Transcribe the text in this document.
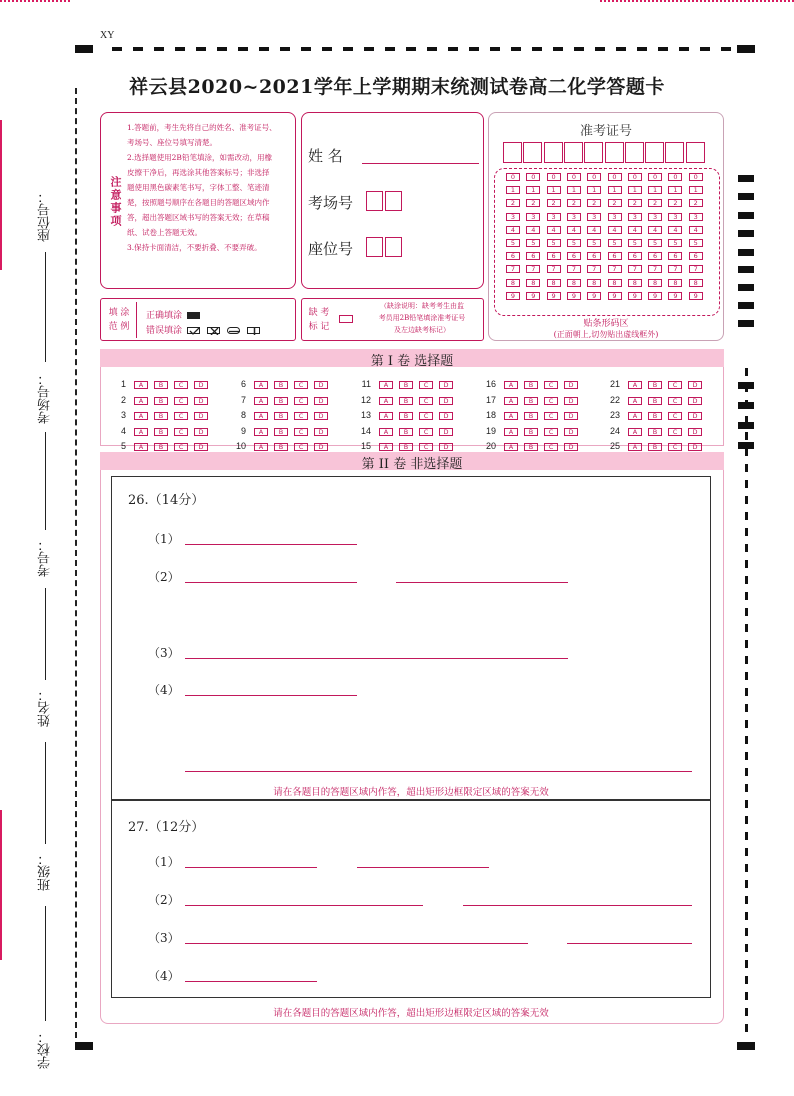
XY
祥云县2020~2021学年上学期期末统测试卷高二化学答题卡
座位号：
考场号：
考号：
姓名：
班级：
学校：
注意事项
1.答题前，考生先将自己的姓名、准考证号、
考场号、座位号填写清楚。
2.选择题使用2B铅笔填涂，如需改动，用橡
皮擦干净后，再选涂其他答案标号；非选择
题使用黑色碳素笔书写，字体工整、笔迹清
楚，按照题号顺序在各题目的答题区域内作
答，超出答题区域书写的答案无效；在草稿
纸、试卷上答题无效。
3.保持卡面清洁，不要折叠、不要弄破。
姓 名
考场号
座位号
准考证号
0	0	0	0	0	0	0	0	0	0
1	1	1	1	1	1	1	1	1	1
2	2	2	2	2	2	2	2	2	2
3	3	3	3	3	3	3	3	3	3
4	4	4	4	4	4	4	4	4	4
5	5	5	5	5	5	5	5	5	5
6	6	6	6	6	6	6	6	6	6
7	7	7	7	7	7	7	7	7	7
8	8	8	8	8	8	8	8	8	8
9	9	9	9	9	9	9	9	9	9
贴条形码区
(正面朝上,切勿贴出虚线框外)
填 涂
范 例
正确填涂
错误填涂

缺 考
标 记
（缺涂说明：缺考考生由监
考员用2B铅笔填涂准考证号
及左边缺考标记）
第 I 卷 选择题
1 A B C D
2 A B C D
3 A B C D
4 A B C D
5 A B C D
6 A B C D
7 A B C D
8 A B C D
9 A B C D
10 A B C D
11 A B C D
12 A B C D
13 A B C D
14 A B C D
15 A B C D
16 A B C D
17 A B C D
18 A B C D
19 A B C D
20 A B C D
21 A B C D
22 A B C D
23 A B C D
24 A B C D
25 A B C D
第 II 卷 非选择题
26.（14分）
（1）
（2）
（3）
（4）
请在各题目的答题区域内作答，超出矩形边框限定区域的答案无效
27.（12分）
（1）
（2）
（3）
（4）
请在各题目的答题区域内作答，超出矩形边框限定区域的答案无效
